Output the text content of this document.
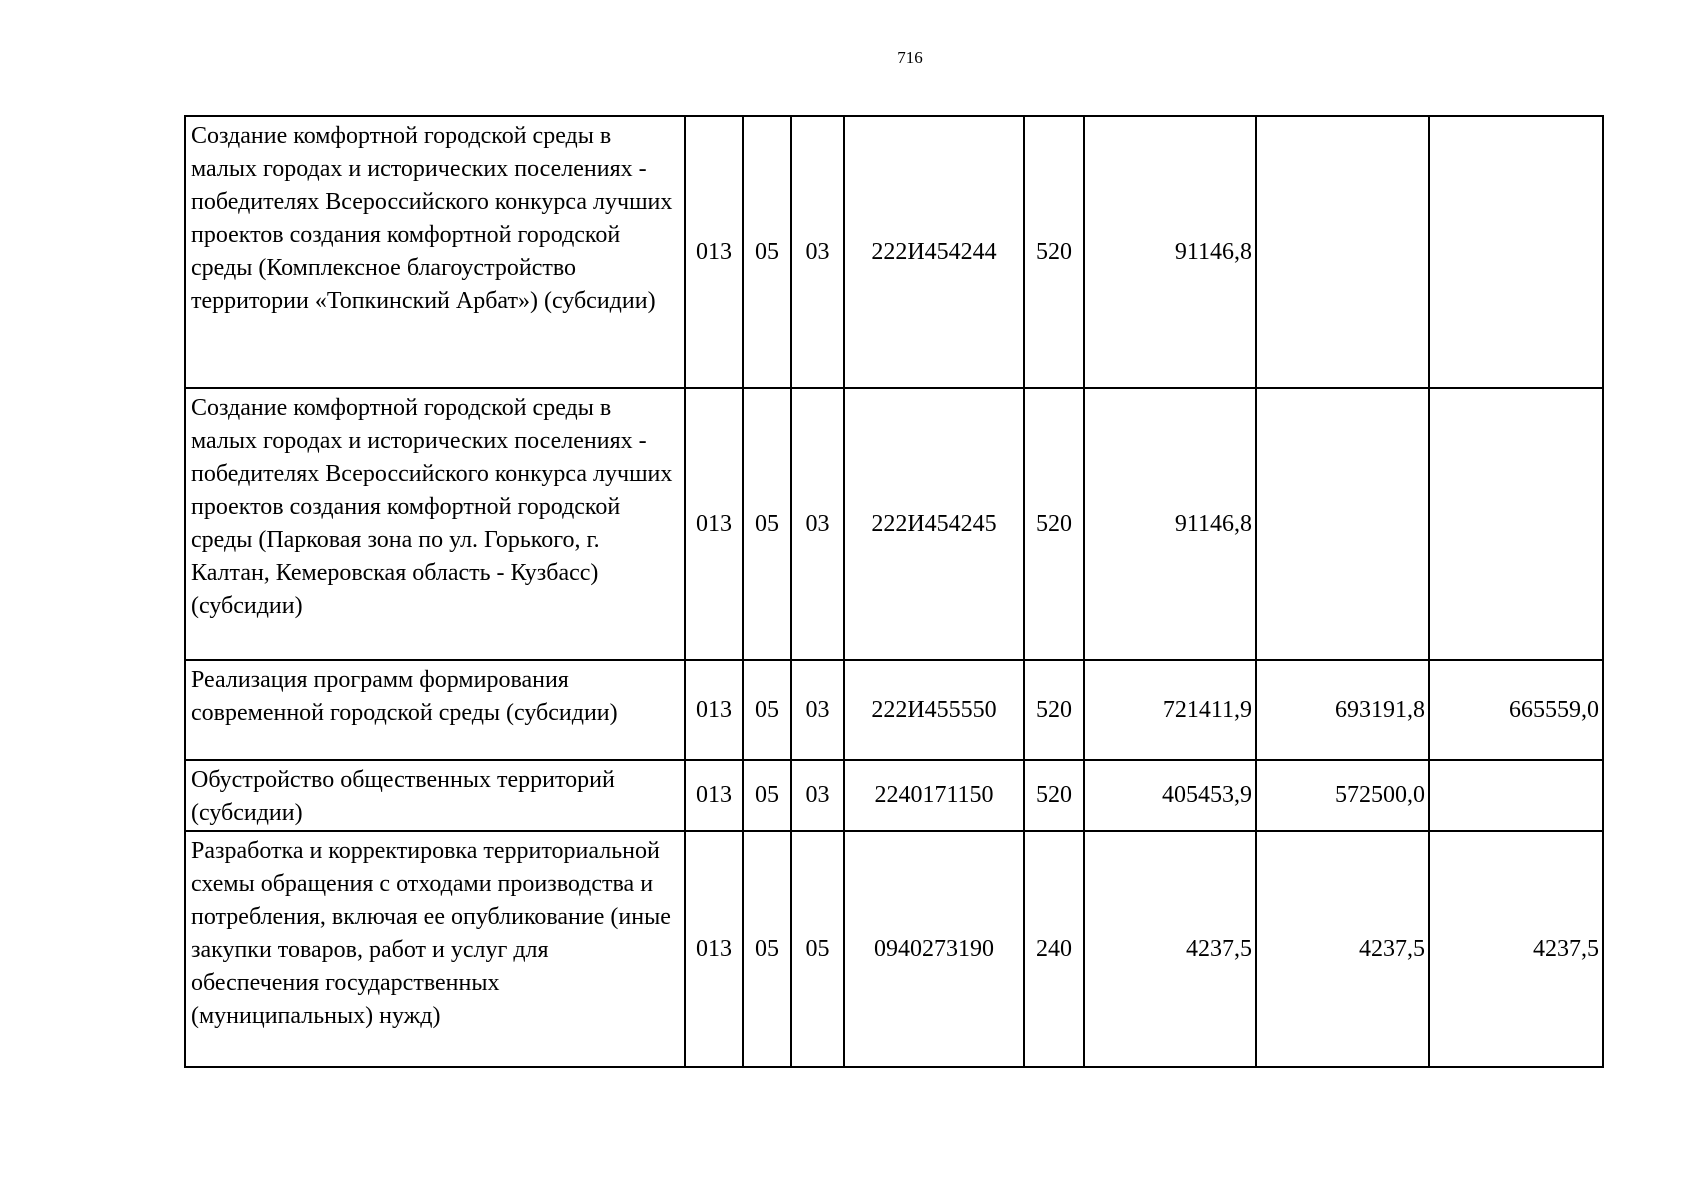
716
Создание комфортной городской среды в малых городах и исторических поселениях - победителях Всероссийского конкурса лучших проектов создания комфортной городской среды (Комплексное благоустройство территории «Топкинский Арбат») (субсидии)	013	05	03	222И454244	520	91146,8		
Создание комфортной городской среды в малых городах и исторических поселениях - победителях Всероссийского конкурса лучших проектов создания комфортной городской среды (Парковая зона по ул. Горького, г. Калтан, Кемеровская область - Кузбасс) (субсидии)	013	05	03	222И454245	520	91146,8		
Реализация программ формирования современной городской среды (субсидии)	013	05	03	222И455550	520	721411,9	693191,8	665559,0
Обустройство общественных территорий (субсидии)	013	05	03	2240171150	520	405453,9	572500,0	
Разработка и корректировка территориальной схемы обращения с отходами производства и потребления, включая ее опубликование (иные закупки товаров, работ и услуг для обеспечения государственных (муниципальных) нужд)	013	05	05	0940273190	240	4237,5	4237,5	4237,5
